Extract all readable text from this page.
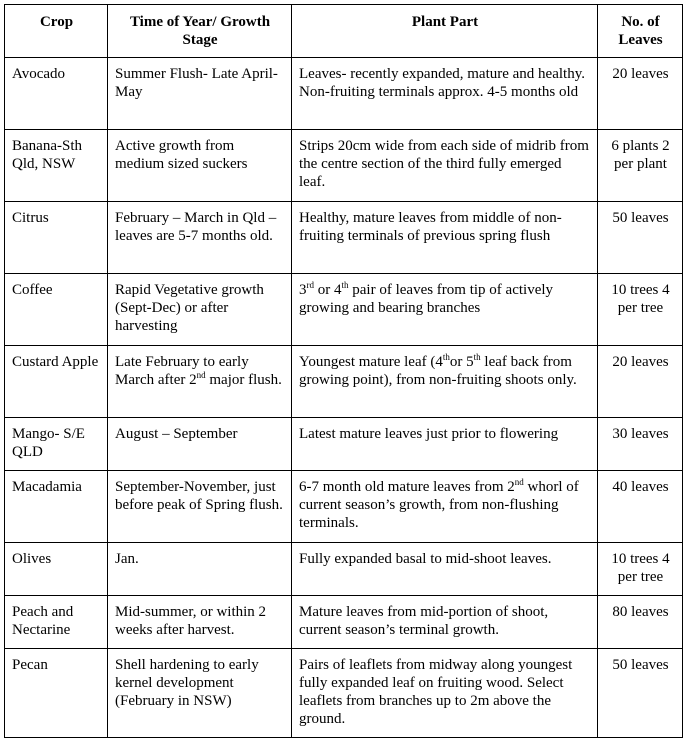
Crop	Time of Year/ Growth Stage	Plant Part	No. of Leaves
Avocado	Summer Flush- Late April-May	Leaves- recently expanded, mature and healthy. Non-fruiting terminals approx. 4-5 months old	20 leaves
Banana-Sth Qld, NSW	Active growth from medium sized suckers	Strips 20cm wide from each side of midrib from the centre section of the third fully emerged leaf.	6 plants 2 per plant
Citrus	February – March in Qld – leaves are 5-7 months old.	Healthy, mature leaves from middle of non-fruiting terminals of previous spring flush	50 leaves
Coffee	Rapid Vegetative growth (Sept-Dec) or after harvesting	3rd or 4th pair of leaves from tip of actively growing and bearing branches	10 trees 4 per tree
Custard Apple	Late February to early March after 2nd major flush.	Youngest mature leaf (4thor 5th leaf back from growing point), from non-fruiting shoots only.	20 leaves
Mango- S/E QLD	August – September	Latest mature leaves just prior to flowering	30 leaves
Macadamia	September-November, just before peak of Spring flush.	6-7 month old mature leaves from 2nd whorl of current season’s growth, from non-flushing terminals.	40 leaves
Olives	Jan.	Fully expanded basal to mid-shoot leaves.	10 trees 4 per tree
Peach and Nectarine	Mid-summer, or within 2 weeks after harvest.	Mature leaves from mid-portion of shoot, current season’s terminal growth.	80 leaves
Pecan	Shell hardening to early kernel development (February in NSW)	Pairs of leaflets from midway along youngest fully expanded leaf on fruiting wood. Select leaflets from branches up to 2m above the ground.	50 leaves
